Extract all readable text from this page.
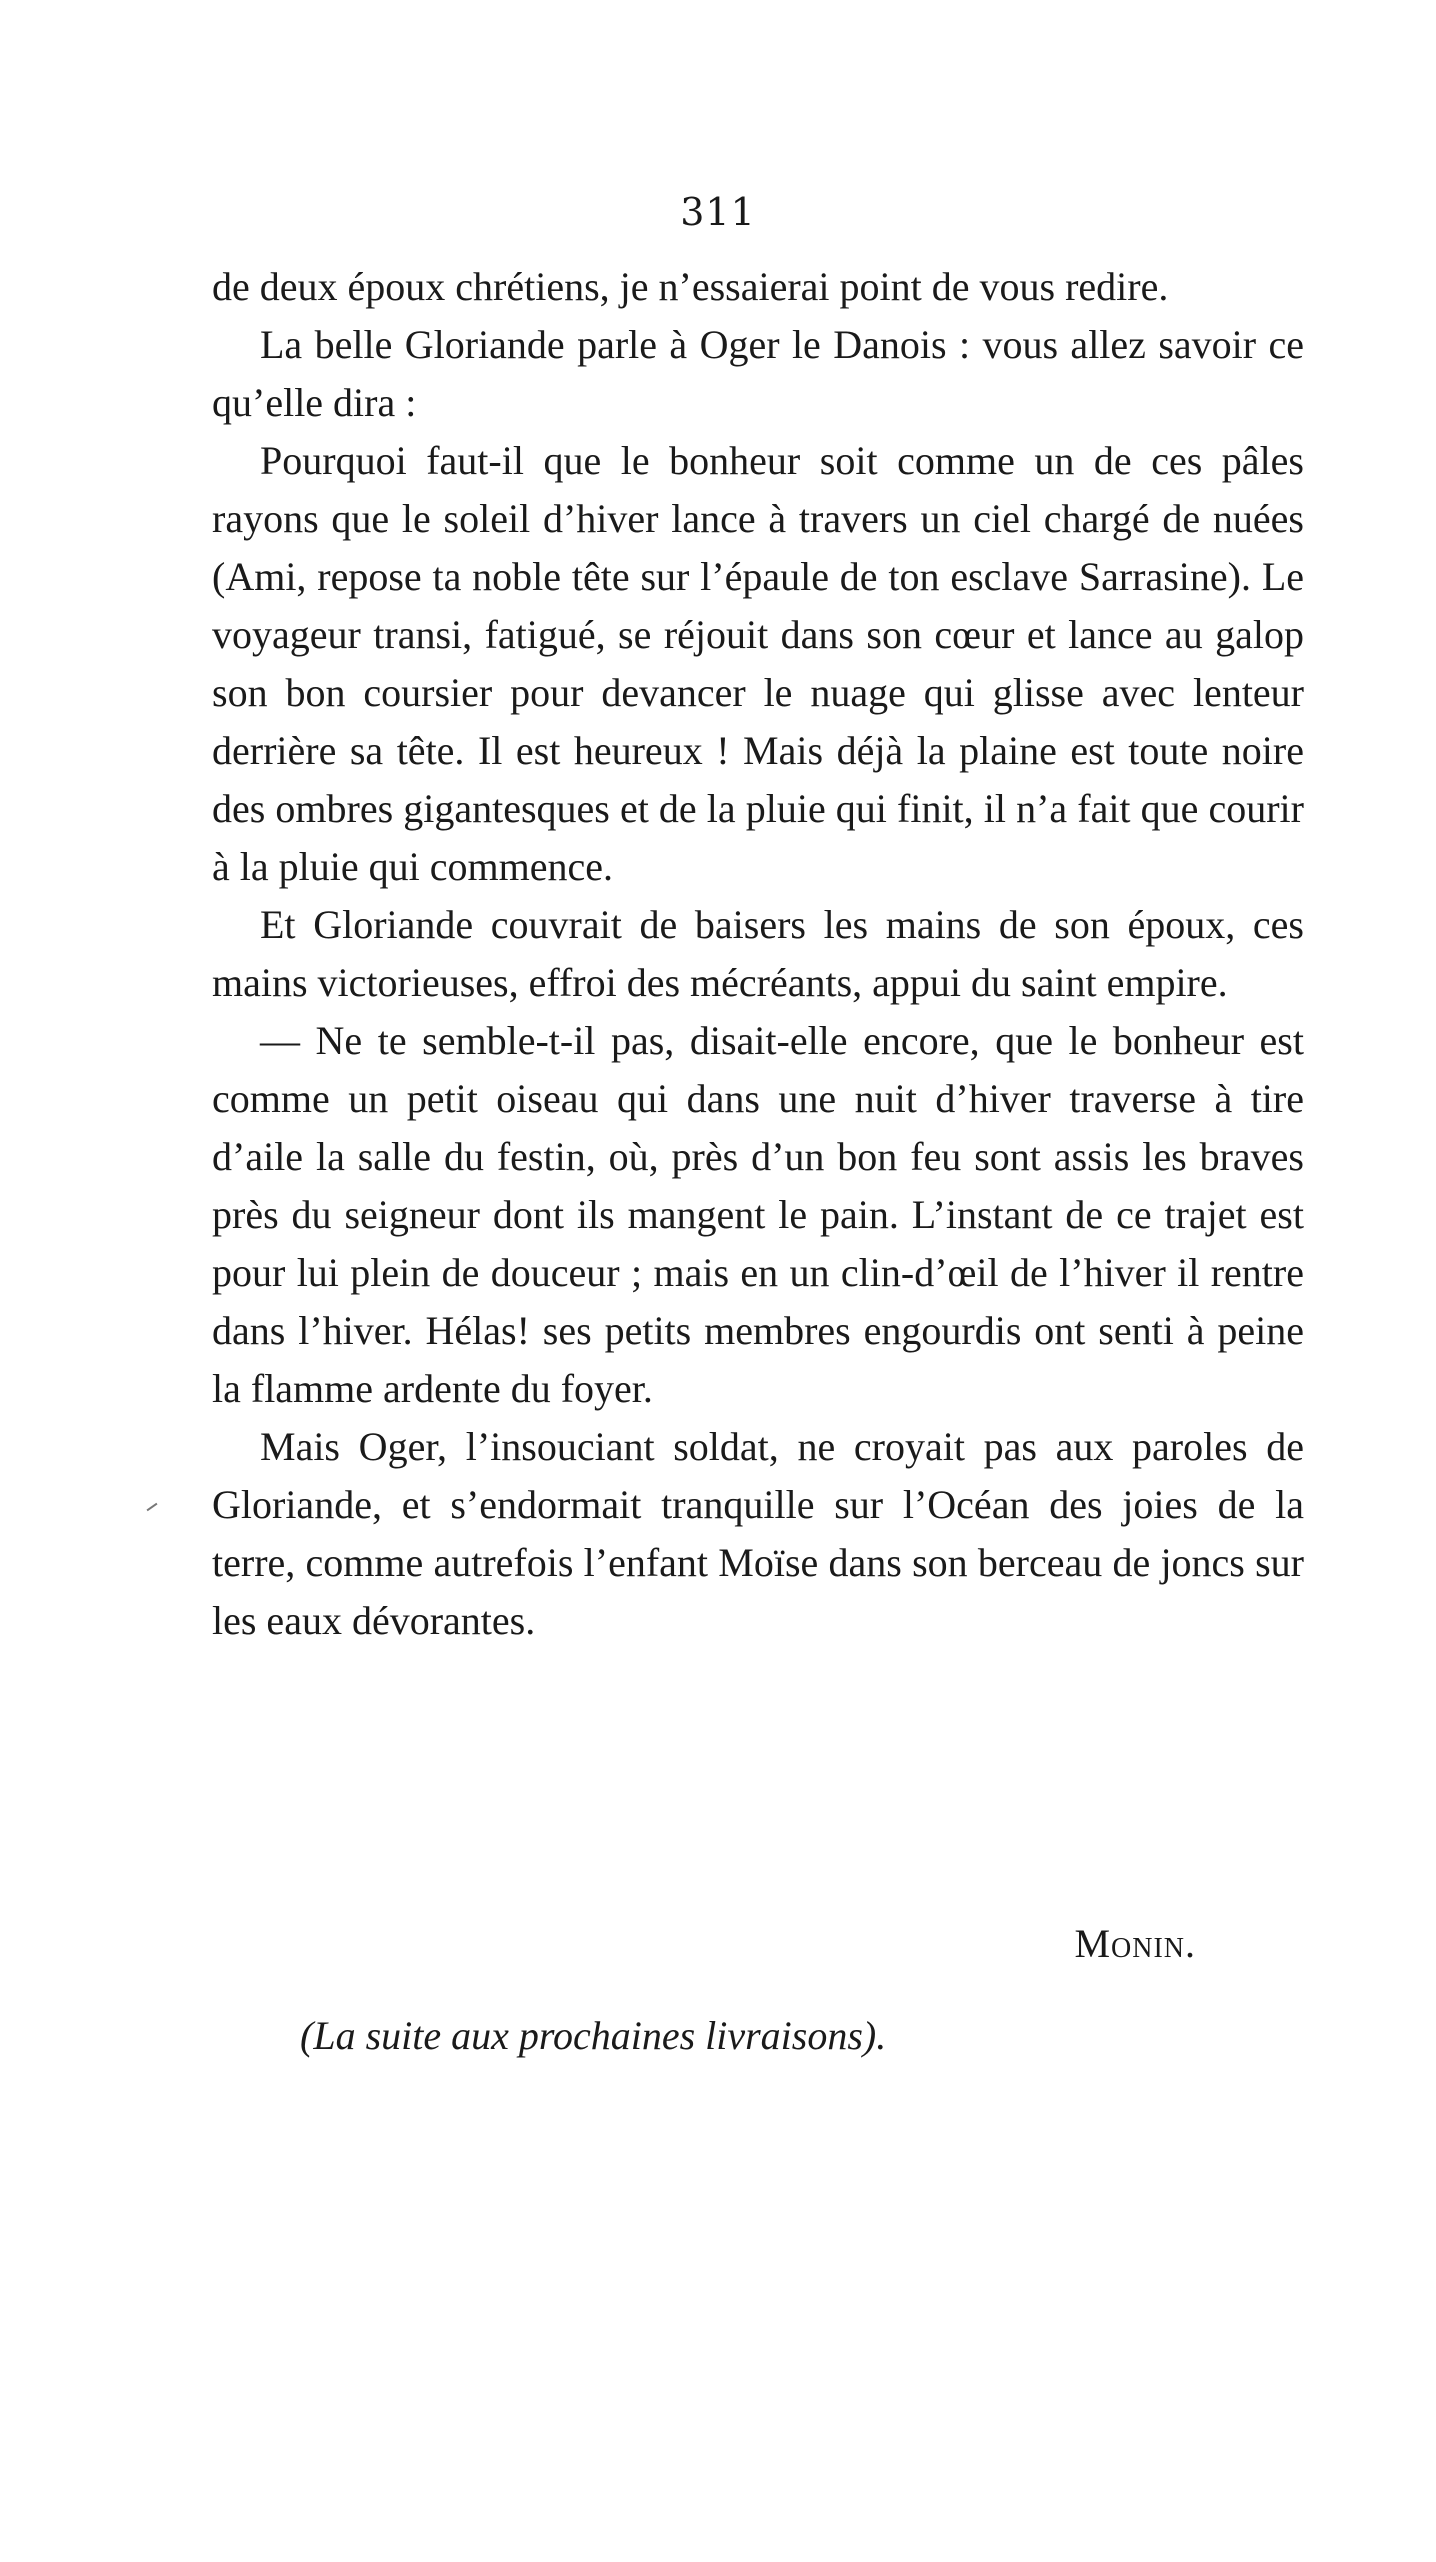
311

de deux époux chrétiens, je n’essaierai point de vous redire.

La belle Gloriande parle à Oger le Danois : vous allez savoir ce qu’elle dira :

Pourquoi faut-il que le bonheur soit comme un de ces pâles rayons que le soleil d’hiver lance à travers un ciel chargé de nuées (Ami, repose ta noble tête sur l’épaule de ton esclave Sarrasine). Le voyageur transi, fatigué, se réjouit dans son cœur et lance au galop son bon coursier pour devancer le nuage qui glisse avec lenteur derrière sa tête. Il est heureux ! Mais déjà la plaine est toute noire des ombres gigantesques et de la pluie qui finit, il n’a fait que courir à la pluie qui commence.

Et Gloriande couvrait de baisers les mains de son époux, ces mains victorieuses, effroi des mécréants, appui du saint empire.

— Ne te semble-t-il pas, disait-elle encore, que le bonheur est comme un petit oiseau qui dans une nuit d’hiver traverse à tire d’aile la salle du festin, où, près d’un bon feu sont assis les braves près du seigneur dont ils mangent le pain. L’instant de ce trajet est pour lui plein de douceur ; mais en un clin-d’œil de l’hiver il rentre dans l’hiver. Hélas! ses petits membres engourdis ont senti à peine la flamme ardente du foyer.

Mais Oger, l’insouciant soldat, ne croyait pas aux paroles de Gloriande, et s’endormait tranquille sur l’Océan des joies de la terre, comme autrefois l’enfant Moïse dans son berceau de joncs sur les eaux dévorantes.

Monin.
(La suite aux prochaines livraisons).
